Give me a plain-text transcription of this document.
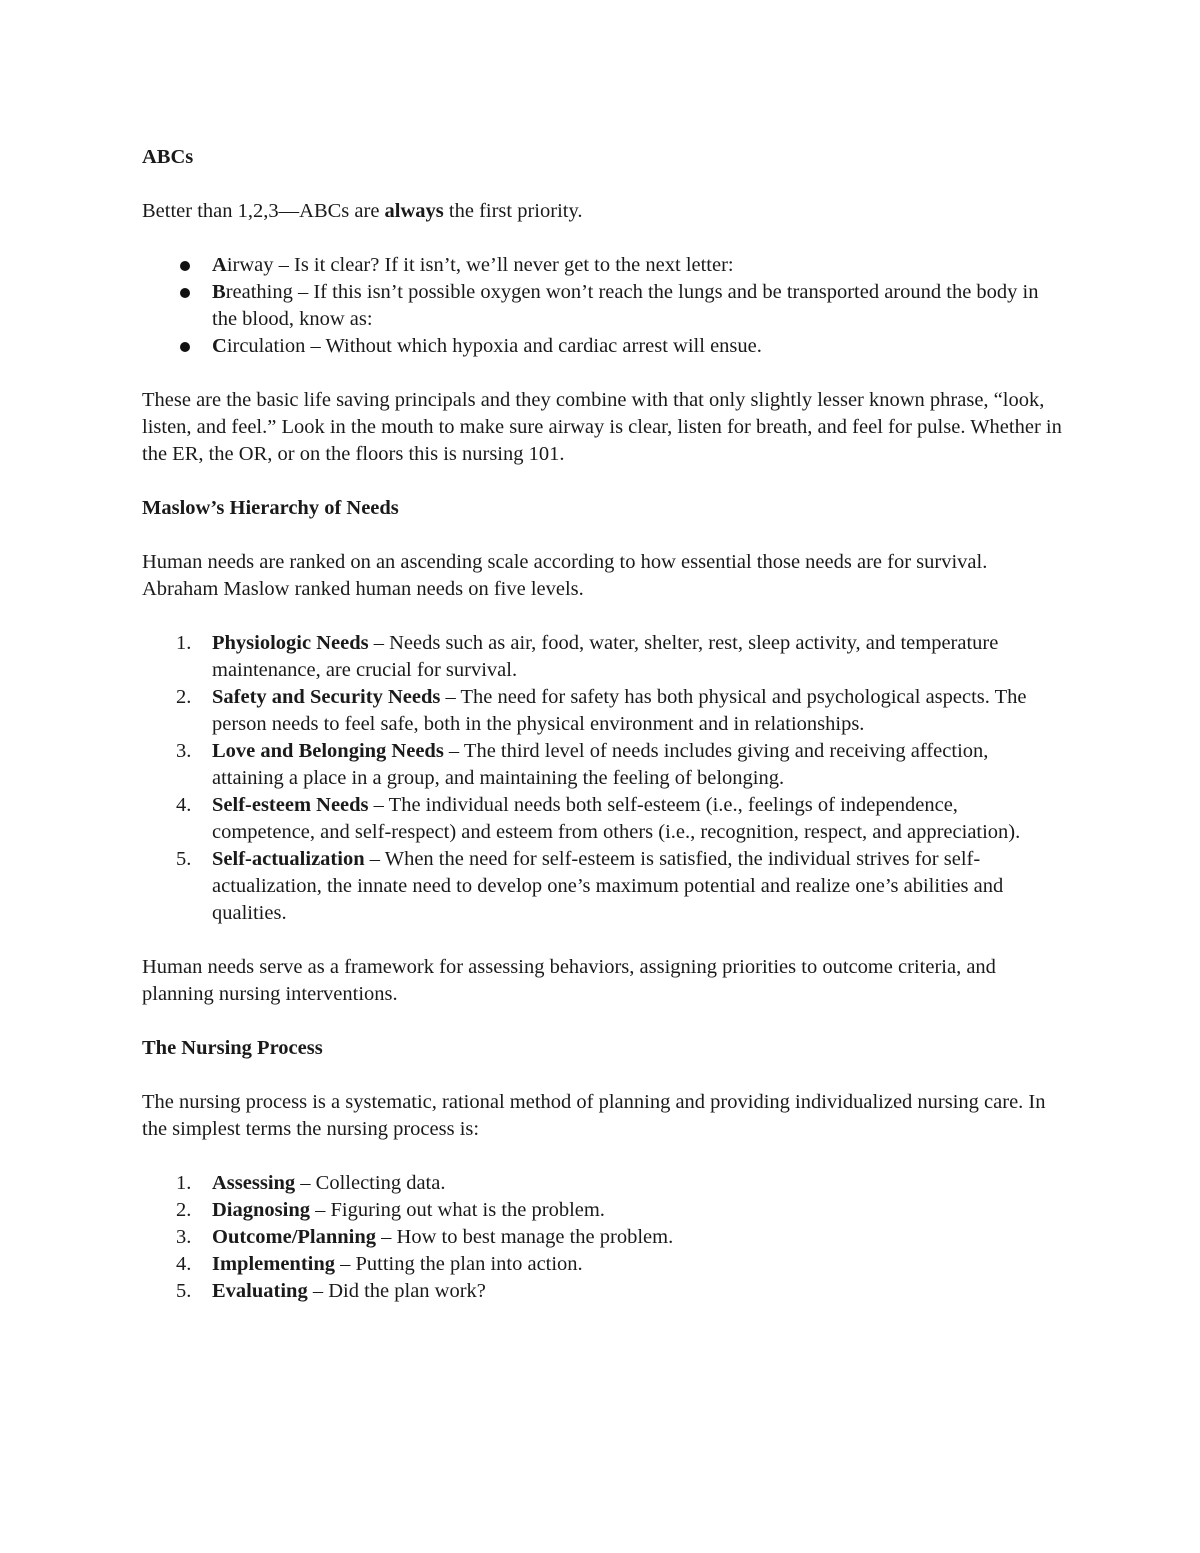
ABCs

Better than 1,2,3—ABCs are always the first priority.

Airway – Is it clear? If it isn’t, we’ll never get to the next letter:
Breathing – If this isn’t possible oxygen won’t reach the lungs and be transported around the body in the blood, know as:
Circulation – Without which hypoxia and cardiac arrest will ensue.

These are the basic life saving principals and they combine with that only slightly lesser known phrase, “look, listen, and feel.” Look in the mouth to make sure airway is clear, listen for breath, and feel for pulse. Whether in the ER, the OR, or on the floors this is nursing 101.

Maslow’s Hierarchy of Needs

Human needs are ranked on an ascending scale according to how essential those needs are for survival. Abraham Maslow ranked human needs on five levels.

1. Physiologic Needs – Needs such as air, food, water, shelter, rest, sleep activity, and temperature maintenance, are crucial for survival.
2. Safety and Security Needs – The need for safety has both physical and psychological aspects. The person needs to feel safe, both in the physical environment and in relationships.
3. Love and Belonging Needs – The third level of needs includes giving and receiving affection, attaining a place in a group, and maintaining the feeling of belonging.
4. Self-esteem Needs – The individual needs both self-esteem (i.e., feelings of independence, competence, and self-respect) and esteem from others (i.e., recognition, respect, and appreciation).
5. Self-actualization – When the need for self-esteem is satisfied, the individual strives for self-actualization, the innate need to develop one’s maximum potential and realize one’s abilities and qualities.

Human needs serve as a framework for assessing behaviors, assigning priorities to outcome criteria, and planning nursing interventions.

The Nursing Process

The nursing process is a systematic, rational method of planning and providing individualized nursing care. In the simplest terms the nursing process is:

1. Assessing – Collecting data.
2. Diagnosing – Figuring out what is the problem.
3. Outcome/Planning – How to best manage the problem.
4. Implementing – Putting the plan into action.
5. Evaluating – Did the plan work?
